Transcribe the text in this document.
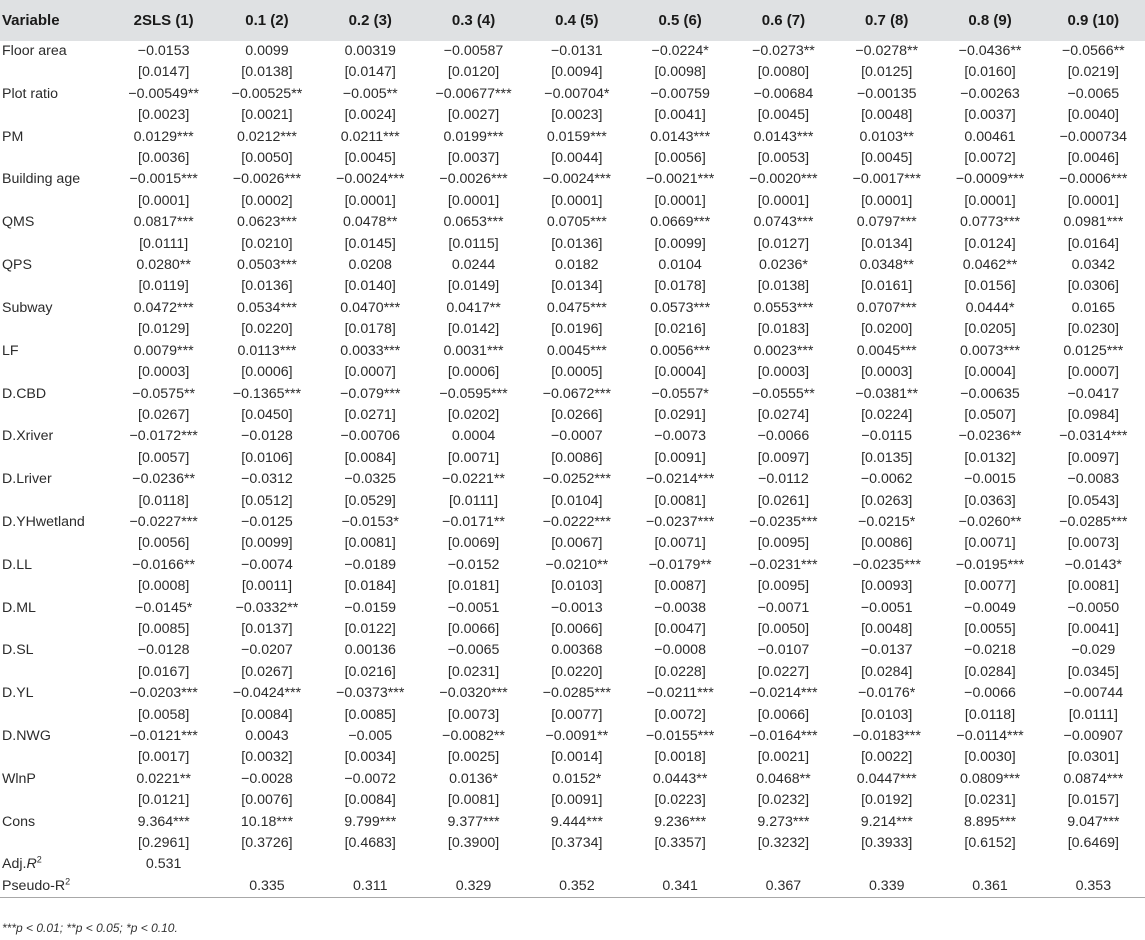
Variable	2SLS (1)	0.1 (2)	0.2 (3)	0.3 (4)	0.4 (5)	0.5 (6)	0.6 (7)	0.7 (8)	0.8 (9)	0.9 (10)
Floor area	−0.0153	0.0099	0.00319	−0.00587	−0.0131	−0.0224*	−0.0273**	−0.0278**	−0.0436**	−0.0566**
	[0.0147]	[0.0138]	[0.0147]	[0.0120]	[0.0094]	[0.0098]	[0.0080]	[0.0125]	[0.0160]	[0.0219]
Plot ratio	−0.00549**	−0.00525**	−0.005**	−0.00677***	−0.00704*	−0.00759	−0.00684	−0.00135	−0.00263	−0.0065
	[0.0023]	[0.0021]	[0.0024]	[0.0027]	[0.0023]	[0.0041]	[0.0045]	[0.0048]	[0.0037]	[0.0040]
PM	0.0129***	0.0212***	0.0211***	0.0199***	0.0159***	0.0143***	0.0143***	0.0103**	0.00461	−0.000734
	[0.0036]	[0.0050]	[0.0045]	[0.0037]	[0.0044]	[0.0056]	[0.0053]	[0.0045]	[0.0072]	[0.0046]
Building age	−0.0015***	−0.0026***	−0.0024***	−0.0026***	−0.0024***	−0.0021***	−0.0020***	−0.0017***	−0.0009***	−0.0006***
	[0.0001]	[0.0002]	[0.0001]	[0.0001]	[0.0001]	[0.0001]	[0.0001]	[0.0001]	[0.0001]	[0.0001]
QMS	0.0817***	0.0623***	0.0478**	0.0653***	0.0705***	0.0669***	0.0743***	0.0797***	0.0773***	0.0981***
	[0.0111]	[0.0210]	[0.0145]	[0.0115]	[0.0136]	[0.0099]	[0.0127]	[0.0134]	[0.0124]	[0.0164]
QPS	0.0280**	0.0503***	0.0208	0.0244	0.0182	0.0104	0.0236*	0.0348**	0.0462**	0.0342
	[0.0119]	[0.0136]	[0.0140]	[0.0149]	[0.0134]	[0.0178]	[0.0138]	[0.0161]	[0.0156]	[0.0306]
Subway	0.0472***	0.0534***	0.0470***	0.0417**	0.0475***	0.0573***	0.0553***	0.0707***	0.0444*	0.0165
	[0.0129]	[0.0220]	[0.0178]	[0.0142]	[0.0196]	[0.0216]	[0.0183]	[0.0200]	[0.0205]	[0.0230]
LF	0.0079***	0.0113***	0.0033***	0.0031***	0.0045***	0.0056***	0.0023***	0.0045***	0.0073***	0.0125***
	[0.0003]	[0.0006]	[0.0007]	[0.0006]	[0.0005]	[0.0004]	[0.0003]	[0.0003]	[0.0004]	[0.0007]
D.CBD	−0.0575**	−0.1365***	−0.079***	−0.0595***	−0.0672***	−0.0557*	−0.0555**	−0.0381**	−0.00635	−0.0417
	[0.0267]	[0.0450]	[0.0271]	[0.0202]	[0.0266]	[0.0291]	[0.0274]	[0.0224]	[0.0507]	[0.0984]
D.Xriver	−0.0172***	−0.0128	−0.00706	0.0004	−0.0007	−0.0073	−0.0066	−0.0115	−0.0236**	−0.0314***
	[0.0057]	[0.0106]	[0.0084]	[0.0071]	[0.0086]	[0.0091]	[0.0097]	[0.0135]	[0.0132]	[0.0097]
D.Lriver	−0.0236**	−0.0312	−0.0325	−0.0221**	−0.0252***	−0.0214***	−0.0112	−0.0062	−0.0015	−0.0083
	[0.0118]	[0.0512]	[0.0529]	[0.0111]	[0.0104]	[0.0081]	[0.0261]	[0.0263]	[0.0363]	[0.0543]
D.YHwetland	−0.0227***	−0.0125	−0.0153*	−0.0171**	−0.0222***	−0.0237***	−0.0235***	−0.0215*	−0.0260**	−0.0285***
	[0.0056]	[0.0099]	[0.0081]	[0.0069]	[0.0067]	[0.0071]	[0.0095]	[0.0086]	[0.0071]	[0.0073]
D.LL	−0.0166**	−0.0074	−0.0189	−0.0152	−0.0210**	−0.0179**	−0.0231***	−0.0235***	−0.0195***	−0.0143*
	[0.0008]	[0.0011]	[0.0184]	[0.0181]	[0.0103]	[0.0087]	[0.0095]	[0.0093]	[0.0077]	[0.0081]
D.ML	−0.0145*	−0.0332**	−0.0159	−0.0051	−0.0013	−0.0038	−0.0071	−0.0051	−0.0049	−0.0050
	[0.0085]	[0.0137]	[0.0122]	[0.0066]	[0.0066]	[0.0047]	[0.0050]	[0.0048]	[0.0055]	[0.0041]
D.SL	−0.0128	−0.0207	0.00136	−0.0065	0.00368	−0.0008	−0.0107	−0.0137	−0.0218	−0.029
	[0.0167]	[0.0267]	[0.0216]	[0.0231]	[0.0220]	[0.0228]	[0.0227]	[0.0284]	[0.0284]	[0.0345]
D.YL	−0.0203***	−0.0424***	−0.0373***	−0.0320***	−0.0285***	−0.0211***	−0.0214***	−0.0176*	−0.0066	−0.00744
	[0.0058]	[0.0084]	[0.0085]	[0.0073]	[0.0077]	[0.0072]	[0.0066]	[0.0103]	[0.0118]	[0.0111]
D.NWG	−0.0121***	0.0043	−0.005	−0.0082**	−0.0091**	−0.0155***	−0.0164***	−0.0183***	−0.0114***	−0.00907
	[0.0017]	[0.0032]	[0.0034]	[0.0025]	[0.0014]	[0.0018]	[0.0021]	[0.0022]	[0.0030]	[0.0301]
WlnP	0.0221**	−0.0028	−0.0072	0.0136*	0.0152*	0.0443**	0.0468**	0.0447***	0.0809***	0.0874***
	[0.0121]	[0.0076]	[0.0084]	[0.0081]	[0.0091]	[0.0223]	[0.0232]	[0.0192]	[0.0231]	[0.0157]
Cons	9.364***	10.18***	9.799***	9.377***	9.444***	9.236***	9.273***	9.214***	8.895***	9.047***
	[0.2961]	[0.3726]	[0.4683]	[0.3900]	[0.3734]	[0.3357]	[0.3232]	[0.3933]	[0.6152]	[0.6469]
$Adj.R^2$	0.531									
Pseudo-$R^2$		0.335	0.311	0.329	0.352	0.341	0.367	0.339	0.361	0.353
***p < 0.01; **p < 0.05; *p < 0.10.
